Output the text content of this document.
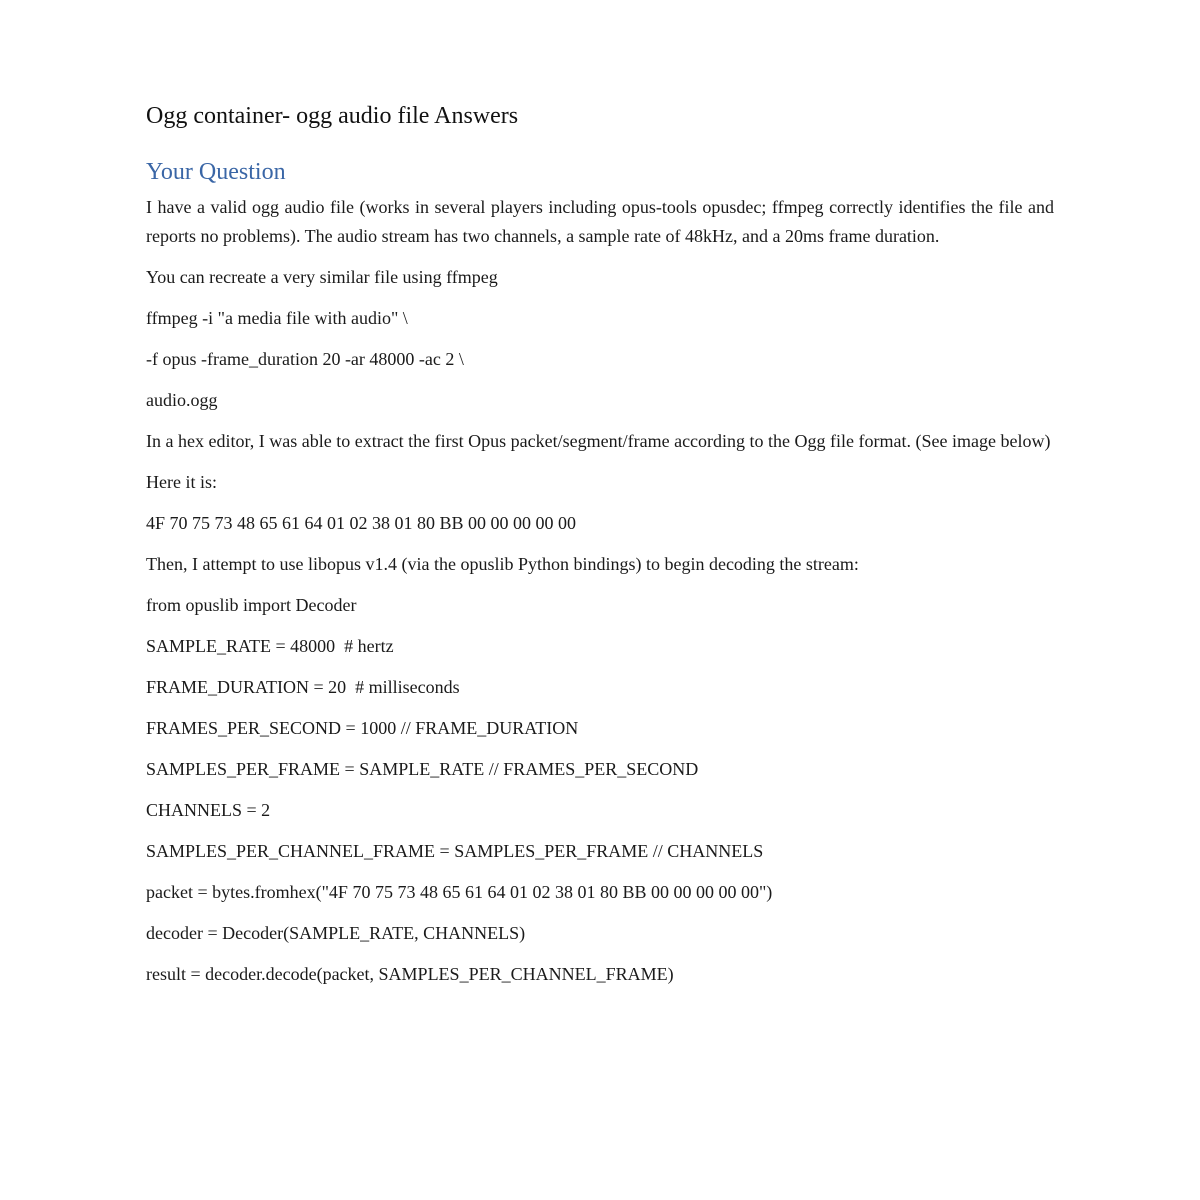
Ogg container- ogg audio file Answers
Your Question
I have a valid ogg audio file (works in several players including opus-tools opusdec; ffmpeg correctly identifies the file and reports no problems). The audio stream has two channels, a sample rate of 48kHz, and a 20ms frame duration.
You can recreate a very similar file using ffmpeg
ffmpeg -i "a media file with audio" \
-f opus -frame_duration 20 -ar 48000 -ac 2 \
audio.ogg
In a hex editor, I was able to extract the first Opus packet/segment/frame according to the Ogg file format. (See image below)
Here it is:
4F 70 75 73 48 65 61 64 01 02 38 01 80 BB 00 00 00 00 00
Then, I attempt to use libopus v1.4 (via the opuslib Python bindings) to begin decoding the stream:
from opuslib import Decoder
SAMPLE_RATE = 48000  # hertz
FRAME_DURATION = 20  # milliseconds
FRAMES_PER_SECOND = 1000 // FRAME_DURATION
SAMPLES_PER_FRAME = SAMPLE_RATE // FRAMES_PER_SECOND
CHANNELS = 2
SAMPLES_PER_CHANNEL_FRAME = SAMPLES_PER_FRAME // CHANNELS
packet = bytes.fromhex("4F 70 75 73 48 65 61 64 01 02 38 01 80 BB 00 00 00 00 00")
decoder = Decoder(SAMPLE_RATE, CHANNELS)
result = decoder.decode(packet, SAMPLES_PER_CHANNEL_FRAME)
